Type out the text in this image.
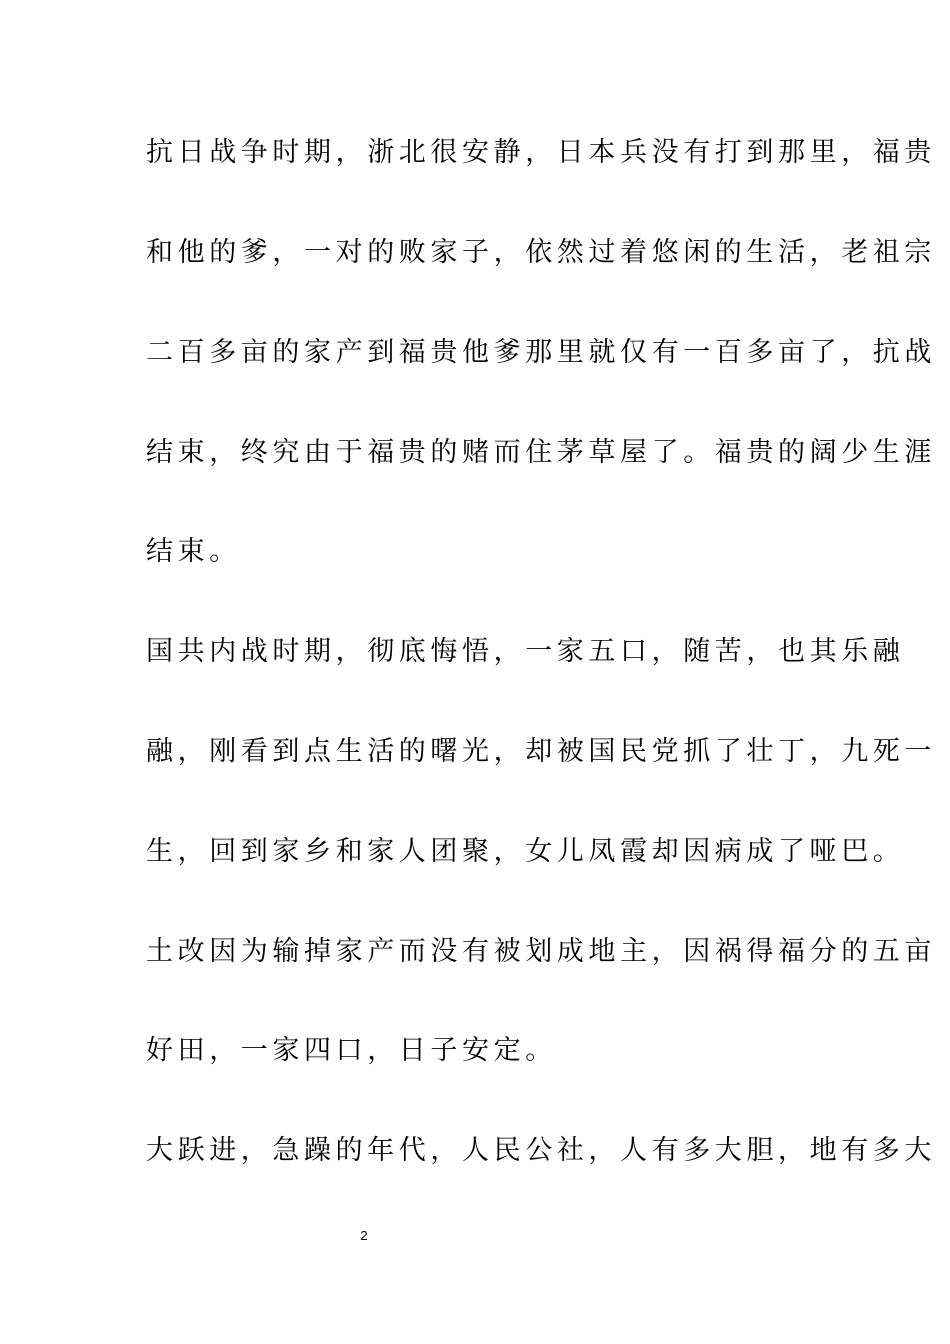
抗日战争时期，浙北很安静，日本兵没有打到那里，福贵
和他的爹，一对的败家子，依然过着悠闲的生活，老祖宗
二百多亩的家产到福贵他爹那里就仅有一百多亩了，抗战
结束，终究由于福贵的赌而住茅草屋了。福贵的阔少生涯
结束。
国共内战时期，彻底悔悟，一家五口，随苦，也其乐融
融，刚看到点生活的曙光，却被国民党抓了壮丁，九死一
生，回到家乡和家人团聚，女儿凤霞却因病成了哑巴。
土改因为输掉家产而没有被划成地主，因祸得福分的五亩
好田，一家四口，日子安定。
大跃进，急躁的年代，人民公社，人有多大胆，地有多大
2
